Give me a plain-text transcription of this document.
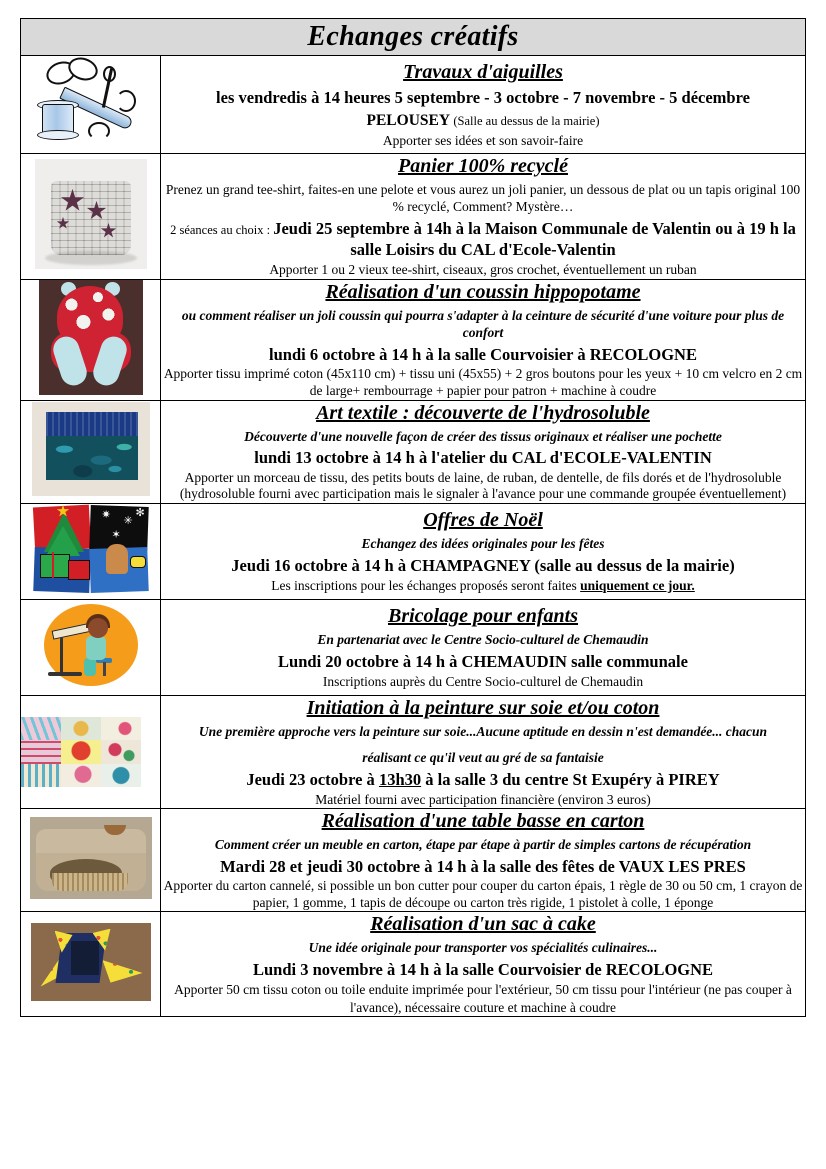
Echanges créatifs	

	Travaux d'aiguilles
les vendredis à 14 heures 5 septembre - 3 octobre - 7 novembre - 5 décembre
PELOUSEY (Salle au dessus de la mairie)
Apporter ses idées et son savoir-faire

	Panier 100% recyclé
Prenez un grand tee-shirt, faites-en une pelote et vous aurez un joli panier, un dessous de plat ou un tapis original 100 % recyclé, Comment? Mystère…
2 séances au choix : Jeudi 25 septembre à 14h à la Maison Communale de Valentin ou à 19 h la salle Loisirs du CAL d'Ecole-Valentin
Apporter 1 ou 2 vieux tee-shirt, ciseaux, gros crochet, éventuellement un ruban

	Réalisation d'un coussin hippopotame
ou comment réaliser un joli coussin qui pourra s'adapter à la ceinture de sécurité d'une voiture pour plus de confort
lundi 6 octobre à 14 h à la salle Courvoisier à RECOLOGNE
Apporter tissu imprimé coton (45x110 cm) + tissu uni (45x55) + 2 gros boutons pour les yeux + 10 cm velcro en 2 cm de large+ rembourrage + papier pour patron + machine à coudre

	Art textile : découverte de l'hydrosoluble
Découverte d'une nouvelle façon de créer des tissus originaux et réaliser une pochette
lundi 13 octobre à 14 h à l'atelier du CAL d'ECOLE-VALENTIN
Apporter un morceau de tissu, des petits bouts de laine, de ruban, de dentelle, de fils dorés et de l'hydrosoluble (hydrosoluble fourni avec participation mais le signaler à l'avance pour une commande groupée éventuellement)

✷ ✳
✶
✻	Offres de Noël
Echangez des idées originales pour les fêtes
Jeudi 16 octobre à 14 h à CHAMPAGNEY (salle au dessus de la mairie)
Les inscriptions pour les échanges proposés seront faites uniquement ce jour.

	Bricolage pour enfants
En partenariat avec le Centre Socio-culturel de Chemaudin
Lundi 20 octobre à 14 h à CHEMAUDIN salle communale
Inscriptions auprès du Centre Socio-culturel de Chemaudin

	Initiation à la peinture sur soie et/ou coton
Une première approche vers la peinture sur soie...Aucune aptitude en dessin n'est demandée... chacun
réalisant ce qu'il veut au gré de sa fantaisie
Jeudi 23 octobre à 13h30 à la salle 3 du centre St Exupéry à PIREY
Matériel fourni avec participation financière (environ 3 euros)

	Réalisation d'une table basse en carton
Comment créer un meuble en carton, étape par étape à partir de simples cartons de récupération
Mardi 28 et jeudi 30 octobre à 14 h à la salle des fêtes de VAUX LES PRES
Apporter du carton cannelé, si possible un bon cutter pour couper du carton épais, 1 règle de 30 ou 50 cm, 1 crayon de papier, 1 gomme, 1 tapis de découpe ou carton très rigide, 1 pistolet à colle, 1 éponge

	Réalisation d'un sac à cake
Une idée originale pour transporter vos spécialités culinaires...
Lundi 3 novembre à 14 h à la salle Courvoisier de RECOLOGNE
Apporter 50 cm tissu coton ou toile enduite imprimée pour l'extérieur, 50 cm tissu pour l'intérieur (ne pas couper à l'avance), nécessaire couture et machine à coudre
